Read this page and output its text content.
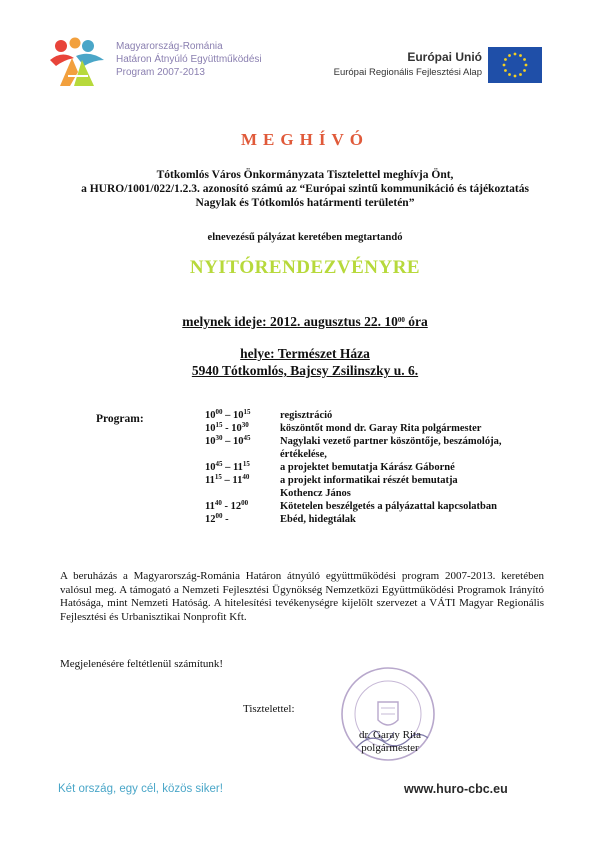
Magyarország-Románia
Határon Átnyúló Együttműködési
Program 2007-2013
Európai Unió
Európai Regionális Fejlesztési Alap
MEGHÍVÓ
Tótkomlós Város Önkormányzata Tisztelettel meghívja Önt,
a HURO/1001/022/1.2.3. azonosító számú az “Európai szintű kommunikáció és tájékoztatás
Nagylak és Tótkomlós határmenti területén”
elnevezésű pályázat keretében megtartandó
NYITÓRENDEZVÉNYRE
melynek ideje: 2012. augusztus 22. $10^{00}$ óra
helye: Természet Háza
5940 Tótkomlós, Bajcsy Zsilinszky u. 6.
Program:	$10^{00} - 10^{15}$	regisztráció
$10^{15} - 10^{30}$	köszöntőt mond dr. Garay Rita polgármester
$10^{30} - 10^{45}$	Nagylaki vezető partner köszöntője, beszámolója,
értékelése,
$10^{45} - 11^{15}$	a projektet bemutatja Kárász Gáborné
$11^{15} - 11^{40}$	a projekt informatikai részét bemutatja
Kothencz János
$11^{40} - 12^{00}$	Kötetelen beszélgetés a pályázattal kapcsolatban
$12^{00}$ -	Ebéd, hidegtálak
A beruházás a Magyarország-Románia Határon átnyúló együttműködési program 2007-2013. keretében valósul meg. A támogató a Nemzeti Fejlesztési Ügynökség Nemzetközi Együttműködési Programok Irányító Hatósága, mint Nemzeti Hatóság. A hitelesítési tevékenységre kijelölt szervezet a VÁTI Magyar Regionális Fejlesztési és Urbanisztikai Nonprofit Kft.
Megjelenésére feltétlenül számítunk!
Tisztelettel:
dr. Garay Rita
polgármester
Két ország, egy cél, közös siker!	www.huro-cbc.eu
